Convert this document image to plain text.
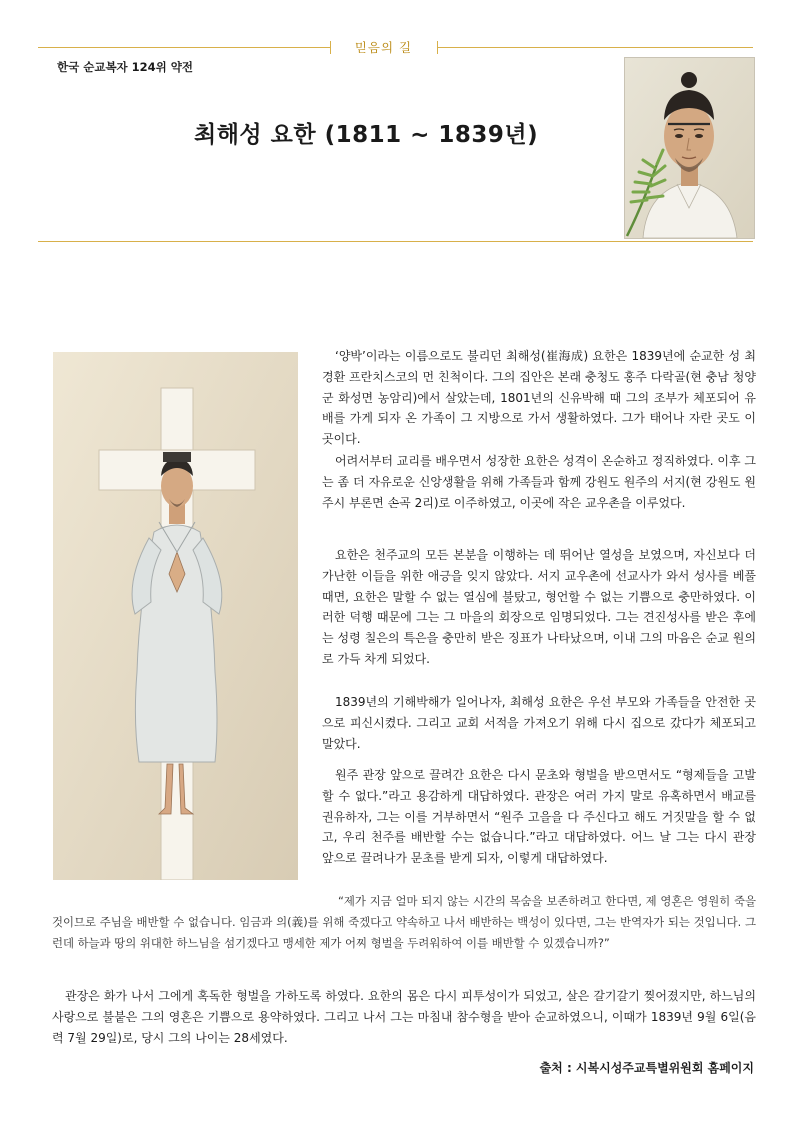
믿음의 길
한국 순교복자 124위 약전
최해성 요한 (1811 ~ 1839년)

‘양박’이라는 이름으로도 불리던 최해성(崔海成) 요한은 1839년에 순교한 성 최경환 프란치스코의 먼 친척이다. 그의 집안은 본래 충청도 홍주 다락골(현 충남 청양군 화성면 농암리)에서 살았는데, 1801년의 신유박해 때 그의 조부가 체포되어 유배를 가게 되자 온 가족이 그 지방으로 가서 생활하였다. 그가 태어나 자란 곳도 이곳이다.

어려서부터 교리를 배우면서 성장한 요한은 성격이 온순하고 정직하였다. 이후 그는 좀 더 자유로운 신앙생활을 위해 가족들과 함께 강원도 원주의 서지(현 강원도 원주시 부론면 손곡 2리)로 이주하였고, 이곳에 작은 교우촌을 이루었다.

요한은 천주교의 모든 본분을 이행하는 데 뛰어난 열성을 보였으며, 자신보다 더 가난한 이들을 위한 애긍을 잊지 않았다. 서지 교우촌에 선교사가 와서 성사를 베풀 때면, 요한은 말할 수 없는 열심에 불탔고, 형언할 수 없는 기쁨으로 충만하였다. 이러한 덕행 때문에 그는 그 마을의 회장으로 임명되었다. 그는 견진성사를 받은 후에는 성령 칠은의 특은을 충만히 받은 징표가 나타났으며, 이내 그의 마음은 순교 원의로 가득 차게 되었다.

1839년의 기해박해가 일어나자, 최해성 요한은 우선 부모와 가족들을 안전한 곳으로 피신시켰다. 그리고 교회 서적을 가져오기 위해 다시 집으로 갔다가 체포되고 말았다.

원주 관장 앞으로 끌려간 요한은 다시 문초와 형벌을 받으면서도 “형제들을 고발할 수 없다.”라고 용감하게 대답하였다. 관장은 여러 가지 말로 유혹하면서 배교를 권유하자, 그는 이를 거부하면서 “원주 고을을 다 주신다고 해도 거짓말을 할 수 없고, 우리 천주를 배반할 수는 없습니다.”라고 대답하였다. 어느 날 그는 다시 관장 앞으로 끌려나가 문초를 받게 되자, 이렇게 대답하였다.

“제가 지금 얼마 되지 않는 시간의 목숨을 보존하려고 한다면, 제 영혼은 영원히 죽을 것이므로 주님을 배반할 수 없습니다. 임금과 의(義)를 위해 죽겠다고 약속하고 나서 배반하는 백성이 있다면, 그는 반역자가 되는 것입니다. 그런데 하늘과 땅의 위대한 하느님을 섬기겠다고 맹세한 제가 어찌 형벌을 두려워하여 이를 배반할 수 있겠습니까?”

관장은 화가 나서 그에게 혹독한 형벌을 가하도록 하였다. 요한의 몸은 다시 피투성이가 되었고, 살은 갈기갈기 찢어졌지만, 하느님의 사랑으로 불붙은 그의 영혼은 기쁨으로 용약하였다. 그리고 나서 그는 마침내 참수형을 받아 순교하였으니, 이때가 1839년 9월 6일(음력 7월 29일)로, 당시 그의 나이는 28세였다.

출처 : 시복시성주교특별위원회 홈페이지
